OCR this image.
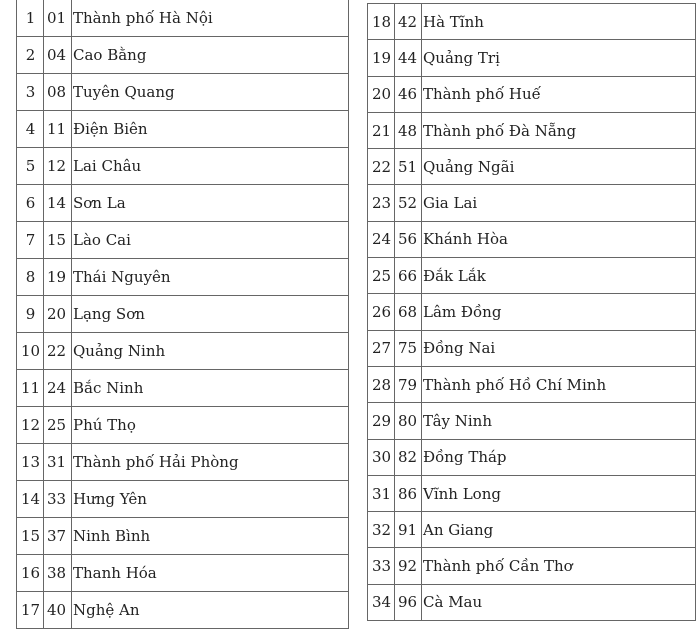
1	01	Thành phố Hà Nội
2	04	Cao Bằng
3	08	Tuyên Quang
4	11	Điện Biên
5	12	Lai Châu
6	14	Sơn La
7	15	Lào Cai
8	19	Thái Nguyên
9	20	Lạng Sơn
10	22	Quảng Ninh
11	24	Bắc Ninh
12	25	Phú Thọ
13	31	Thành phố Hải Phòng
14	33	Hưng Yên
15	37	Ninh Bình
16	38	Thanh Hóa
17	40	Nghệ An
18	42	Hà Tĩnh
19	44	Quảng Trị
20	46	Thành phố Huế
21	48	Thành phố Đà Nẵng
22	51	Quảng Ngãi
23	52	Gia Lai
24	56	Khánh Hòa
25	66	Đắk Lắk
26	68	Lâm Đồng
27	75	Đồng Nai
28	79	Thành phố Hồ Chí Minh
29	80	Tây Ninh
30	82	Đồng Tháp
31	86	Vĩnh Long
32	91	An Giang
33	92	Thành phố Cần Thơ
34	96	Cà Mau
